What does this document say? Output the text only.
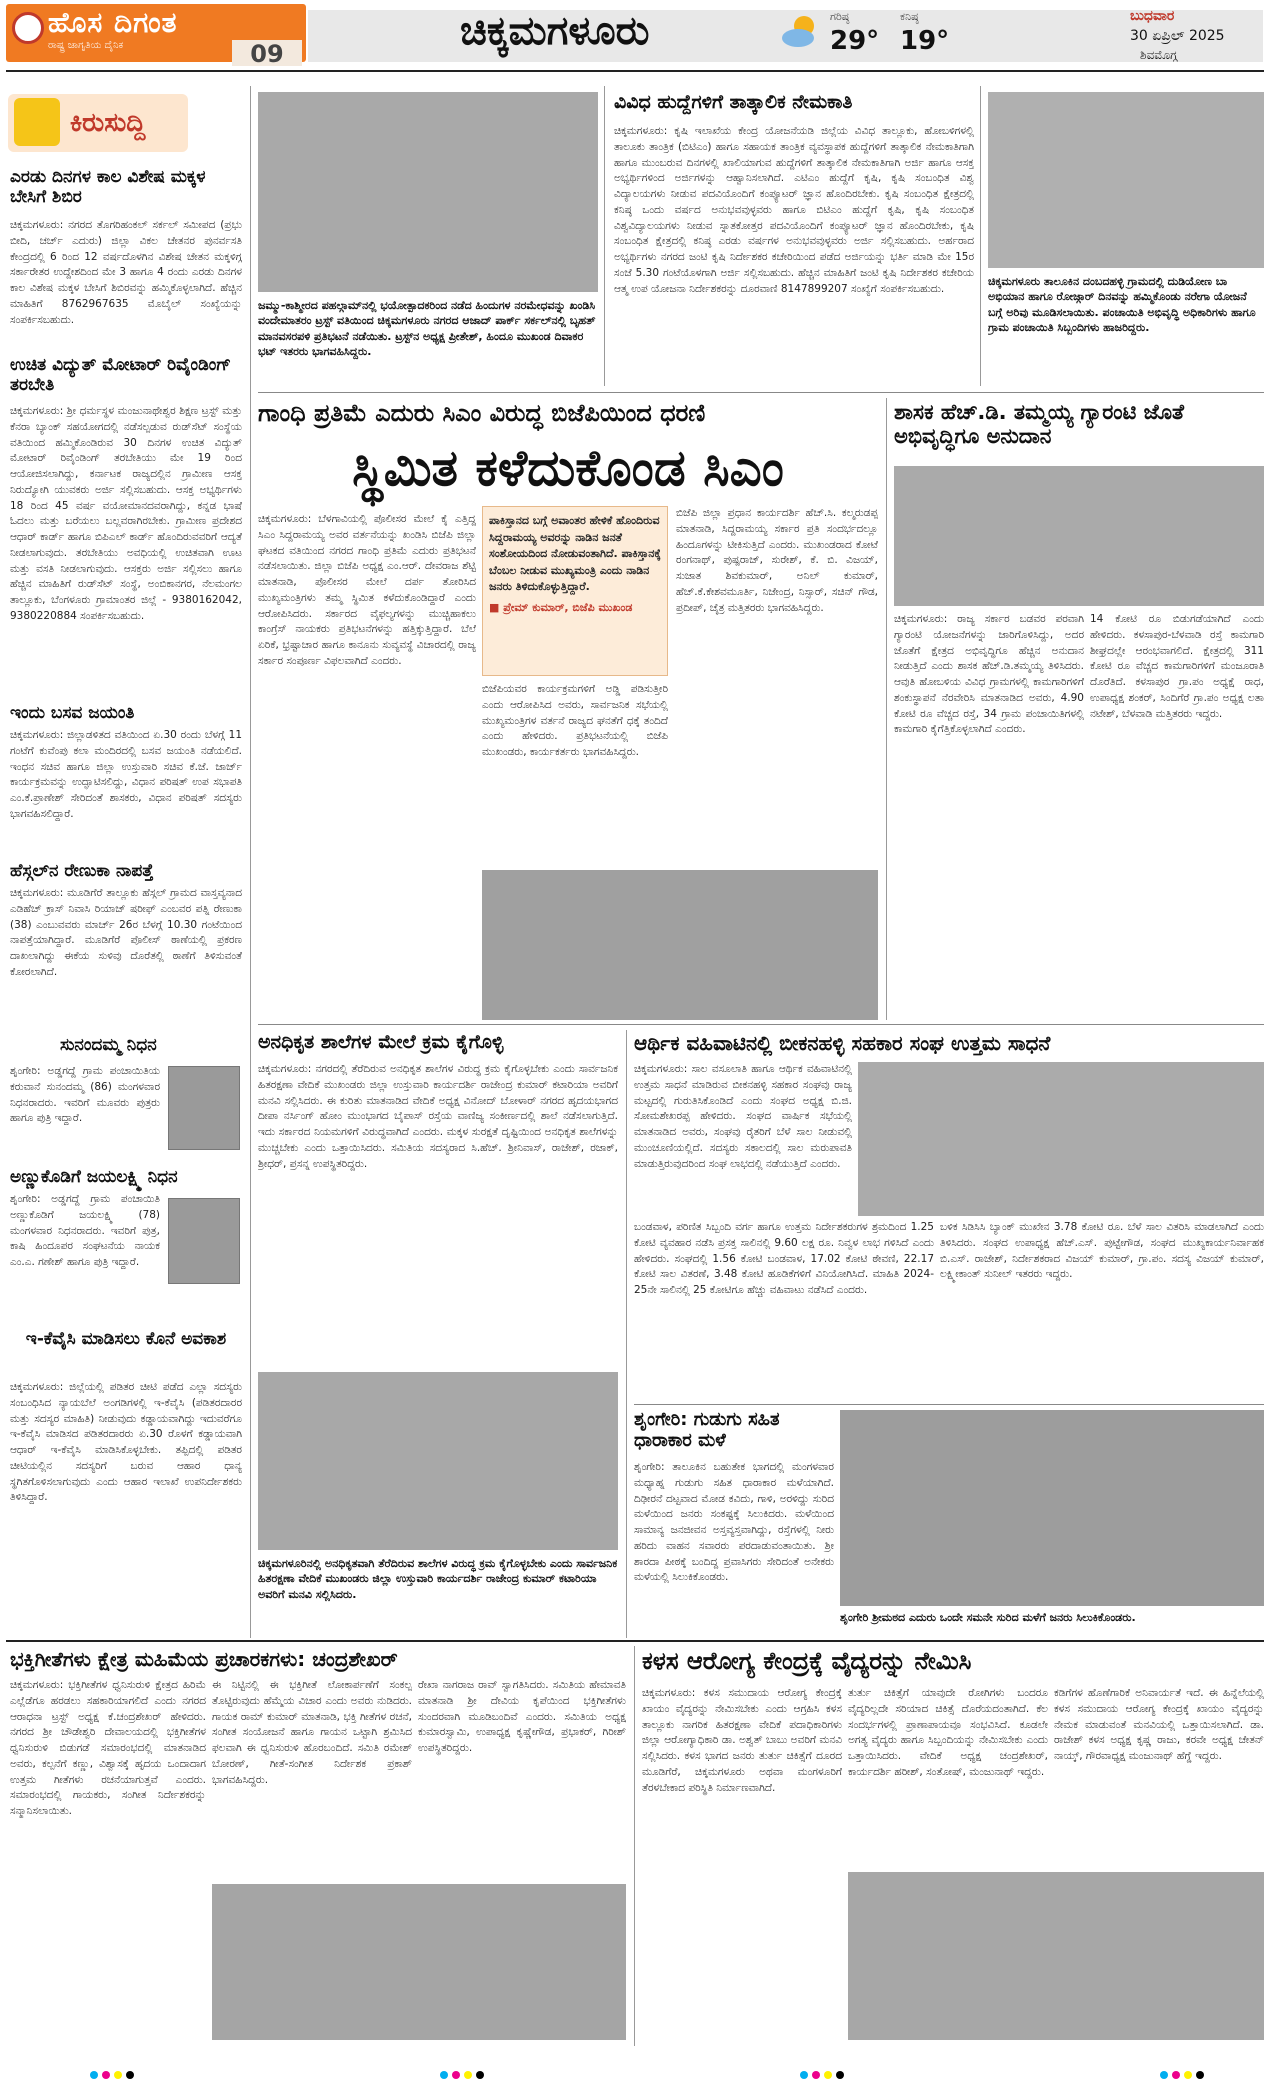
ಹೊಸ ದಿಗಂತ
ರಾಷ್ಟ್ರ ಜಾಗೃತಿಯ ದೈನಿಕ	09	ಚಿಕ್ಕಮಗಳೂರು	ಗರಿಷ್ಠ
29°
ಕನಿಷ್ಠ
19°
ಬುಧವಾರ
30 ಏಪ್ರಿಲ್ 2025
ಶಿವಮೊಗ್ಗ
ಕಿರುಸುದ್ದಿ
ಎರಡು ದಿನಗಳ ಕಾಲ ವಿಶೇಷ ಮಕ್ಕಳ ಬೇಸಿಗೆ ಶಿಬಿರ
ಚಿಕ್ಕಮಗಳೂರು: ನಗರದ ತೊಗರಿಹಂಕಲ್ ಸರ್ಕಲ್ ಸಮೀಪದ (ಪ್ರಭು ಬೀದಿ, ಚರ್ಚ್ ಎದುರು) ಜಿಲ್ಲಾ ವಿಕಲ ಚೇತನರ ಪುನರ್ವಸತಿ ಕೇಂದ್ರದಲ್ಲಿ 6 ರಿಂದ 12 ವರ್ಷದೊಳಗಿನ ವಿಶೇಷ ಚೇತನ ಮಕ್ಕಳಿಗ್ಗ ಸರ್ಕಾರೇತರ ಉದ್ದೇಶದಿಂದ ಮೇ 3 ಹಾಗೂ 4 ರಂದು ಎರಡು ದಿನಗಳ ಕಾಲ ವಿಶೇಷ ಮಕ್ಕಳ ಬೇಸಿಗೆ ಶಿಬಿರವನ್ನು ಹಮ್ಮಿಕೊಳ್ಳಲಾಗಿದೆ. ಹೆಚ್ಚಿನ ಮಾಹಿತಿಗೆ 8762967635 ಮೊಬೈಲ್ ಸಂಖ್ಯೆಯನ್ನು ಸಂಪರ್ಕಿಸಬಹುದು.
ಉಚಿತ ವಿದ್ಯುತ್ ಮೋಟಾರ್ ರಿವೈಂಡಿಂಗ್ ತರಬೇತಿ
ಚಿಕ್ಕಮಗಳೂರು: ಶ್ರೀ ಧರ್ಮಸ್ಥಳ ಮಂಜುನಾಥೇಶ್ವರ ಶಿಕ್ಷಣ ಟ್ರಸ್ಟ್ ಮತ್ತು ಕೆನರಾ ಬ್ಯಾಂಕ್ ಸಹಯೋಗದಲ್ಲಿ ನಡೆಸಲ್ಪಡುವ ರುಡ್‌ಸೆಟ್ ಸಂಸ್ಥೆಯ ವತಿಯಿಂದ ಹಮ್ಮಿಕೊಂಡಿರುವ 30 ದಿನಗಳ ಉಚಿತ ವಿದ್ಯುತ್ ಮೋಟಾರ್ ರಿವೈಂಡಿಂಗ್ ತರಬೇತಿಯು ಮೇ 19 ರಿಂದ ಆಯೋಜಿಸಲಾಗಿದ್ದು, ಕರ್ನಾಟಕ ರಾಜ್ಯದಲ್ಲಿನ ಗ್ರಾಮೀಣ ಆಸಕ್ತ ನಿರುದ್ಯೋಗಿ ಯುವಕರು ಅರ್ಜಿ ಸಲ್ಲಿಸಬಹುದು. ಆಸಕ್ತ ಅಭ್ಯರ್ಥಿಗಳು 18 ರಿಂದ 45 ವರ್ಷ ವಯೋಮಾನದವರಾಗಿದ್ದು, ಕನ್ನಡ ಭಾಷೆ ಓದಲು ಮತ್ತು ಬರೆಯಲು ಬಲ್ಲವರಾಗಿರಬೇಕು. ಗ್ರಾಮೀಣ ಪ್ರದೇಶದ ಆಧಾರ್ ಕಾರ್ಡ್ ಹಾಗೂ ಬಿಪಿಎಲ್ ಕಾರ್ಡ್ ಹೊಂದಿರುವವರಿಗೆ ಆದ್ಯತೆ ನೀಡಲಾಗುವುದು. ತರಬೇತಿಯು ಅವಧಿಯಲ್ಲಿ ಉಚಿತವಾಗಿ ಊಟ ಮತ್ತು ವಸತಿ ನೀಡಲಾಗುವುದು. ಆಸಕ್ತರು ಅರ್ಜಿ ಸಲ್ಲಿಸಲು ಹಾಗೂ ಹೆಚ್ಚಿನ ಮಾಹಿತಿಗೆ ರುಡ್‌ಸೆಟ್ ಸಂಸ್ಥೆ, ಅಂಬಿಕಾನಗರ, ನೆಲಮಂಗಲ ತಾಲ್ಲೂಕು, ಬೆಂಗಳೂರು ಗ್ರಾಮಾಂತರ ಜಿಲ್ಲೆ - 9380162042, 9380220884 ಸಂಪರ್ಕಿಸಬಹುದು.
ಇಂದು ಬಸವ ಜಯಂತಿ
ಚಿಕ್ಕಮಗಳೂರು: ಜಿಲ್ಲಾಡಳಿತದ ವತಿಯಿಂದ ಏ.30 ರಂದು ಬೆಳಗ್ಗೆ 11 ಗಂಟೆಗೆ ಕುವೆಂಪು ಕಲಾ ಮಂದಿರದಲ್ಲಿ ಬಸವ ಜಯಂತಿ ನಡೆಯಲಿದೆ. ಇಂಧನ ಸಚಿವ ಹಾಗೂ ಜಿಲ್ಲಾ ಉಸ್ತುವಾರಿ ಸಚಿವ ಕೆ.ಜೆ. ಜಾರ್ಜ್ ಕಾರ್ಯಕ್ರಮವನ್ನು ಉದ್ಘಾಟಿಸಲಿದ್ದು, ವಿಧಾನ ಪರಿಷತ್ ಉಪ ಸಭಾಪತಿ ಎಂ.ಕೆ.ಪ್ರಾಣೇಶ್ ಸೇರಿದಂತೆ ಶಾಸಕರು, ವಿಧಾನ ಪರಿಷತ್ ಸದಸ್ಯರು ಭಾಗವಹಿಸಲಿದ್ದಾರೆ.
ಹೆಸ್ಗಲ್‌ನ ರೇಣುಕಾ ನಾಪತ್ತೆ
ಚಿಕ್ಕಮಗಳೂರು: ಮೂಡಿಗೆರೆ ತಾಲ್ಲೂಕು ಹೆಸ್ಗಲ್ ಗ್ರಾಮದ ವಾಸ್ತವ್ಯನಾದ ಎಡಿಹೆಚ್ ಕ್ರಾಸ್ ನಿವಾಸಿ ರಿಯಾಜ್ ಷರೀಫ್ ಎಂಬವರ ಪತ್ನಿ ರೇಣುಕಾ (38) ಎಂಬುವವರು ಮಾರ್ಚ್ 26ರ ಬೆಳಗ್ಗೆ 10.30 ಗಂಟೆಯಿಂದ ನಾಪತ್ತೆಯಾಗಿದ್ದಾರೆ. ಮೂಡಿಗೆರೆ ಪೊಲೀಸ್ ಠಾಣೆಯಲ್ಲಿ ಪ್ರಕರಣ ದಾಖಲಾಗಿದ್ದು ಈಕೆಯ ಸುಳಿವು ದೊರೆತಲ್ಲಿ ಠಾಣೆಗೆ ತಿಳಿಸುವಂತೆ ಕೋರಲಾಗಿದೆ.
ಸುನಂದಮ್ಮ ನಿಧನ
ಶೃಂಗೇರಿ: ಅಡ್ಡಗದ್ದೆ ಗ್ರಾಮ ಪಂಚಾಯಿತಿಯ ಕರುವಾನೆ ಸುನಂದಮ್ಮ (86) ಮಂಗಳವಾರ ನಿಧನರಾದರು. ಇವರಿಗೆ ಮೂವರು ಪುತ್ರರು ಹಾಗೂ ಪುತ್ರಿ ಇದ್ದಾರೆ.
ಅಣ್ಣುಕೊಡಿಗೆ ಜಯಲಕ್ಷ್ಮಿ ನಿಧನ
ಶೃಂಗೇರಿ: ಅಡ್ಡಗದ್ದೆ ಗ್ರಾಮ ಪಂಚಾಯಿತಿ ಅಣ್ಣುಕೊಡಿಗೆ ಜಯಲಕ್ಷ್ಮಿ (78) ಮಂಗಳವಾರ ನಿಧನರಾದರು. ಇವರಿಗೆ ಪುತ್ರ, ಕಾಷಿ ಹಿಂದೂಪರ ಸಂಘಟನೆಯ ನಾಯಕ ಎಂ.ಎ. ಗಣೇಶ್ ಹಾಗೂ ಪುತ್ರಿ ಇದ್ದಾರೆ.
ಇ-ಕೆವೈಸಿ ಮಾಡಿಸಲು ಕೊನೆ ಅವಕಾಶ
ಚಿಕ್ಕಮಗಳೂರು: ಜಿಲ್ಲೆಯಲ್ಲಿ ಪಡಿತರ ಚೀಟಿ ಪಡೆದ ಎಲ್ಲಾ ಸದಸ್ಯರು ಸಂಬಂಧಿಸಿದ ನ್ಯಾಯಬೆಲೆ ಅಂಗಡಿಗಳಲ್ಲಿ ಇ-ಕೆವೈಸಿ (ಪಡಿತರದಾರರ ಮತ್ತು ಸದಸ್ಯರ ಮಾಹಿತಿ) ನೀಡುವುದು ಕಡ್ಡಾಯವಾಗಿದ್ದು ಇದುವರೆಗೂ ಇ-ಕೆವೈಸಿ ಮಾಡಿಸದ ಪಡಿತರದಾರರು ಏ.30 ರೊಳಗೆ ಕಡ್ಡಾಯವಾಗಿ ಆಧಾರ್ ಇ-ಕೆವೈಸಿ ಮಾಡಿಸಿಕೊಳ್ಳಬೇಕು. ತಪ್ಪಿದಲ್ಲಿ ಪಡಿತರ ಚೀಟಿಯಲ್ಲಿನ ಸದಸ್ಯರಿಗೆ ಬರುವ ಆಹಾರ ಧಾನ್ಯ ಸ್ಥಗಿತಗೊಳಿಸಲಾಗುವುದು ಎಂದು ಆಹಾರ ಇಲಾಖೆ ಉಪನಿರ್ದೇಶಕರು ತಿಳಿಸಿದ್ದಾರೆ.
ಜಮ್ಮು-ಕಾಶ್ಮೀರದ ಪಹಲ್ಗಾಮ್‌ನಲ್ಲಿ ಭಯೋತ್ಪಾದಕರಿಂದ ನಡೆದ ಹಿಂದುಗಳ ನರಮೇಧವನ್ನು ಖಂಡಿಸಿ ವಂದೇಮಾತರಂ ಟ್ರಸ್ಟ್ ವತಿಯಿಂದ ಚಿಕ್ಕಮಗಳೂರು ನಗರದ ಆಜಾದ್ ಪಾರ್ಕ್ ಸರ್ಕಲ್‌ನಲ್ಲಿ ಬೃಹತ್ ಮಾನವಸರಪಳಿ ಪ್ರತಿಭಟನೆ ನಡೆಯಿತು. ಟ್ರಸ್ಟ್‌ನ ಅಧ್ಯಕ್ಷ ಪ್ರೀತೇಶ್, ಹಿಂದೂ ಮುಖಂಡ ದಿವಾಕರ ಭಟ್ ಇತರರು ಭಾಗವಹಿಸಿದ್ದರು.
ವಿವಿಧ ಹುದ್ದೆಗಳಿಗೆ ತಾತ್ಕಾಲಿಕ ನೇಮಕಾತಿ
ಚಿಕ್ಕಮಗಳೂರು: ಕೃಷಿ ಇಲಾಖೆಯ ಕೇಂದ್ರ ಯೋಜನೆಯಡಿ ಜಿಲ್ಲೆಯ ವಿವಿಧ ತಾಲ್ಲೂಕು, ಹೋಬಳಿಗಳಲ್ಲಿ ತಾಲೂಕು ತಾಂತ್ರಿಕ (ಬಿಟಿಎಂ) ಹಾಗೂ ಸಹಾಯಕ ತಾಂತ್ರಿಕ ವ್ಯವಸ್ಥಾಪಕ ಹುದ್ದೆಗಳಿಗೆ ತಾತ್ಕಾಲಿಕ ನೇಮಕಾತಿಗಾಗಿ ಹಾಗೂ ಮುಂಬರುವ ದಿನಗಳಲ್ಲಿ ಖಾಲಿಯಾಗುವ ಹುದ್ದೆಗಳಿಗೆ ತಾತ್ಕಾಲಿಕ ನೇಮಕಾತಿಗಾಗಿ ಅರ್ಜಿ ಹಾಗೂ ಆಸಕ್ತ ಅಭ್ಯರ್ಥಿಗಳಿಂದ ಅರ್ಜಿಗಳನ್ನು ಆಹ್ವಾನಿಸಲಾಗಿದೆ. ಎಟಿಎಂ ಹುದ್ದೆಗೆ ಕೃಷಿ, ಕೃಷಿ ಸಂಬಂಧಿತ ವಿಶ್ವ ವಿದ್ಯಾಲಯಗಳು ನೀಡುವ ಪದವಿಯೊಂದಿಗೆ ಕಂಪ್ಯೂಟರ್ ಜ್ಞಾನ ಹೊಂದಿರಬೇಕು. ಕೃಷಿ ಸಂಬಂಧಿತ ಕ್ಷೇತ್ರದಲ್ಲಿ ಕನಿಷ್ಠ ಒಂದು ವರ್ಷದ ಅನುಭವವುಳ್ಳವರು ಹಾಗೂ ಬಿಟಿಎಂ ಹುದ್ದೆಗೆ ಕೃಷಿ, ಕೃಷಿ ಸಂಬಂಧಿತ ವಿಶ್ವವಿದ್ಯಾಲಯಗಳು ನೀಡುವ ಸ್ನಾತಕೋತ್ತರ ಪದವಿಯೊಂದಿಗೆ ಕಂಪ್ಯೂಟರ್ ಜ್ಞಾನ ಹೊಂದಿರಬೇಕು, ಕೃಷಿ ಸಂಬಂಧಿತ ಕ್ಷೇತ್ರದಲ್ಲಿ ಕನಿಷ್ಠ ಎರಡು ವರ್ಷಗಳ ಅನುಭವವುಳ್ಳವರು ಅರ್ಜಿ ಸಲ್ಲಿಸಬಹುದು. ಅರ್ಹರಾದ ಅಭ್ಯರ್ಥಿಗಳು ನಗರದ ಜಂಟಿ ಕೃಷಿ ನಿರ್ದೇಶಕರ ಕಚೇರಿಯಿಂದ ಪಡೆದ ಅರ್ಜಿಯನ್ನು ಭರ್ತಿ ಮಾಡಿ ಮೇ 15ರ ಸಂಜೆ 5.30 ಗಂಟೆಯೊಳಗಾಗಿ ಅರ್ಜಿ ಸಲ್ಲಿಸಬಹುದು. ಹೆಚ್ಚಿನ ಮಾಹಿತಿಗೆ ಜಂಟಿ ಕೃಷಿ ನಿರ್ದೇಶಕರ ಕಚೇರಿಯ ಆತ್ಮ ಉಪ ಯೋಜನಾ ನಿರ್ದೇಶಕರನ್ನು ದೂರವಾಣಿ 8147899207 ಸಂಖ್ಯೆಗೆ ಸಂಪರ್ಕಿಸಬಹುದು.
ಚಿಕ್ಕಮಗಳೂರು ತಾಲೂಕಿನ ದಂಬದಹಳ್ಳಿ ಗ್ರಾಮದಲ್ಲಿ ದುಡಿಯೋಣ ಬಾ ಅಭಿಯಾನ ಹಾಗೂ ರೋಜ್ಗಾರ್ ದಿನವನ್ನು ಹಮ್ಮಿಕೊಂಡು ನರೇಗಾ ಯೋಜನೆ ಬಗ್ಗೆ ಅರಿವು ಮೂಡಿಸಲಾಯಿತು. ಪಂಚಾಯಿತಿ ಅಭಿವೃದ್ಧಿ ಅಧಿಕಾರಿಗಳು ಹಾಗೂ ಗ್ರಾಮ ಪಂಚಾಯಿತಿ ಸಿಬ್ಬಂದಿಗಳು ಹಾಜರಿದ್ದರು.
ಗಾಂಧಿ ಪ್ರತಿಮೆ ಎದುರು ಸಿಎಂ ವಿರುದ್ಧ ಬಿಜೆಪಿಯಿಂದ ಧರಣಿ
ಸ್ಥಿಮಿತ ಕಳೆದುಕೊಂಡ ಸಿಎಂ
ಚಿಕ್ಕಮಗಳೂರು: ಬೆಳಗಾವಿಯಲ್ಲಿ ಪೊಲೀಸರ ಮೇಲೆ ಕೈ ಎತ್ತಿದ್ದ ಸಿಎಂ ಸಿದ್ದರಾಮಯ್ಯ ಅವರ ವರ್ತನೆಯನ್ನು ಖಂಡಿಸಿ ಬಿಜೆಪಿ ಜಿಲ್ಲಾ ಘಟಕದ ವತಿಯಿಂದ ನಗರದ ಗಾಂಧಿ ಪ್ರತಿಮೆ ಎದುರು ಪ್ರತಿಭಟನೆ ನಡೆಸಲಾಯಿತು. ಜಿಲ್ಲಾ ಬಿಜೆಪಿ ಅಧ್ಯಕ್ಷ ಎಂ.ಆರ್. ದೇವರಾಜ ಶೆಟ್ಟಿ ಮಾತನಾಡಿ, ಪೊಲೀಸರ ಮೇಲೆ ದರ್ಪ ತೋರಿಸಿದ ಮುಖ್ಯಮಂತ್ರಿಗಳು ತಮ್ಮ ಸ್ಥಿಮಿತ ಕಳೆದುಕೊಂಡಿದ್ದಾರೆ ಎಂದು ಆರೋಪಿಸಿದರು. ಸರ್ಕಾರದ ವೈಫಲ್ಯಗಳನ್ನು ಮುಚ್ಚಿಹಾಕಲು ಕಾಂಗ್ರೆಸ್ ನಾಯಕರು ಪ್ರತಿಭಟನೆಗಳನ್ನು ಹತ್ತಿಕ್ಕುತ್ತಿದ್ದಾರೆ. ಬೆಲೆ ಏರಿಕೆ, ಭ್ರಷ್ಟಾಚಾರ ಹಾಗೂ ಕಾನೂನು ಸುವ್ಯವಸ್ಥೆ ವಿಚಾರದಲ್ಲಿ ರಾಜ್ಯ ಸರ್ಕಾರ ಸಂಪೂರ್ಣ ವಿಫಲವಾಗಿದೆ ಎಂದರು.
ಪಾಕಿಸ್ತಾನದ ಬಗ್ಗೆ ಅವಾಂತರ ಹೇಳಿಕೆ ಹೊಂದಿರುವ ಸಿದ್ದರಾಮಯ್ಯ ಅವರನ್ನು ನಾಡಿನ ಜನತೆ ಸಂಶೋಯದಿಂದ ನೋಡುವಂತಾಗಿದೆ. ಪಾಕಿಸ್ತಾನಕ್ಕೆ ಬೆಂಬಲ ನೀಡುವ ಮುಖ್ಯಮಂತ್ರಿ ಎಂದು ನಾಡಿನ ಜನರು ತಿಳಿದುಕೊಳ್ಳುತ್ತಿದ್ದಾರೆ.
■ ಪ್ರೇಮ್ ಕುಮಾರ್, ಬಿಜೆಪಿ ಮುಖಂಡ
ಬಿಜೆಪಿಯವರ ಕಾರ್ಯಕ್ರಮಗಳಿಗೆ ಅಡ್ಡಿ ಪಡಿಸುತ್ತೀರಿ ಎಂದು ಆರೋಪಿಸಿದ ಅವರು, ಸಾರ್ವಜನಿಕ ಸಭೆಯಲ್ಲಿ ಮುಖ್ಯಮಂತ್ರಿಗಳ ವರ್ತನೆ ರಾಜ್ಯದ ಘನತೆಗೆ ಧಕ್ಕೆ ತಂದಿದೆ ಎಂದು ಹೇಳಿದರು. ಪ್ರತಿಭಟನೆಯಲ್ಲಿ ಬಿಜೆಪಿ ಮುಖಂಡರು, ಕಾರ್ಯಕರ್ತರು ಭಾಗವಹಿಸಿದ್ದರು.
ಬಿಜೆಪಿ ಜಿಲ್ಲಾ ಪ್ರಧಾನ ಕಾರ್ಯದರ್ಶಿ ಹೆಚ್.ಸಿ. ಕಲ್ಮರುಡಪ್ಪ ಮಾತನಾಡಿ, ಸಿದ್ದರಾಮಯ್ಯ ಸರ್ಕಾರ ಪ್ರತಿ ಸಂದರ್ಭದಲ್ಲೂ ಹಿಂದೂಗಳನ್ನು ಟೀಕಿಸುತ್ತಿದೆ ಎಂದರು. ಮುಖಂಡರಾದ ಕೋಟೆ ರಂಗನಾಥ್, ಪುಷ್ಪರಾಜ್, ಸುರೇಶ್, ಕೆ. ಬಿ. ವಿಜಯ್, ಸುಜಾತ ಶಿವಕುಮಾರ್, ಅನಿಲ್ ಕುಮಾರ್, ಹೆಚ್.ಕೆ.ಕೇಶವಮೂರ್ತಿ, ನಿಜೇಂದ್ರ, ನಿಸ್ಸಾರ್, ಸಚಿನ್ ಗೌಡ, ಪ್ರದೀಪ್, ಚೈತ್ರ ಮತ್ತಿತರರು ಭಾಗವಹಿಸಿದ್ದರು.
ಶಾಸಕ ಹೆಚ್.ಡಿ. ತಮ್ಮಯ್ಯ ಗ್ಯಾರಂಟಿ ಜೊತೆ ಅಭಿವೃದ್ಧಿಗೂ ಅನುದಾನ
ಚಿಕ್ಕಮಗಳೂರು: ರಾಜ್ಯ ಸರ್ಕಾರ ಬಡವರ ಪರವಾಗಿ ಗ್ಯಾರಂಟಿ ಯೋಜನೆಗಳನ್ನು ಜಾರಿಗೊಳಿಸಿದ್ದು, ಅದರ ಜೊತೆಗೆ ಕ್ಷೇತ್ರದ ಅಭಿವೃದ್ಧಿಗೂ ಹೆಚ್ಚಿನ ಅನುದಾನ ನೀಡುತ್ತಿದೆ ಎಂದು ಶಾಸಕ ಹೆಚ್.ಡಿ.ತಮ್ಮಯ್ಯ ತಿಳಿಸಿದರು. ಆವುತಿ ಹೋಬಳಿಯ ವಿವಿಧ ಗ್ರಾಮಗಳಲ್ಲಿ ಕಾಮಗಾರಿಗಳಿಗೆ ಶಂಕುಸ್ಥಾಪನೆ ನೆರವೇರಿಸಿ ಮಾತನಾಡಿದ ಅವರು, 4.90 ಕೋಟಿ ರೂ ವೆಚ್ಚದ ರಸ್ತೆ, 34 ಗ್ರಾಮ ಪಂಚಾಯಿತಿಗಳಲ್ಲಿ ಕಾಮಗಾರಿ ಕೈಗೆತ್ತಿಕೊಳ್ಳಲಾಗಿದೆ ಎಂದರು.
14 ಕೋಟಿ ರೂ ಬಿಡುಗಡೆಯಾಗಿದೆ ಎಂದು ಹೇಳಿದರು. ಕಳಸಾಪುರ-ಬೆಳವಾಡಿ ರಸ್ತೆ ಕಾಮಗಾರಿ ಶೀಘ್ರದಲ್ಲೇ ಆರಂಭವಾಗಲಿದೆ. ಕ್ಷೇತ್ರದಲ್ಲಿ 311 ಕೋಟಿ ರೂ ವೆಚ್ಚದ ಕಾಮಗಾರಿಗಳಿಗೆ ಮಂಜೂರಾತಿ ದೊರೆತಿದೆ. ಕಳಸಾಪುರ ಗ್ರಾ.ಪಂ ಅಧ್ಯಕ್ಷೆ ರಾಧ, ಉಪಾಧ್ಯಕ್ಷ ಶಂಕರ್, ಸಿಂದಿಗೆರೆ ಗ್ರಾ.ಪಂ ಅಧ್ಯಕ್ಷ ಲತಾ ನಟೇಶ್, ಬೆಳವಾಡಿ ಮತ್ತಿತರರು ಇದ್ದರು.
ಅನಧಿಕೃತ ಶಾಲೆಗಳ ಮೇಲೆ ಕ್ರಮ ಕೈಗೊಳ್ಳಿ
ಚಿಕ್ಕಮಗಳೂರು: ನಗರದಲ್ಲಿ ತೆರೆದಿರುವ ಅನಧಿಕೃತ ಶಾಲೆಗಳ ವಿರುದ್ಧ ಕ್ರಮ ಕೈಗೊಳ್ಳಬೇಕು ಎಂದು ಸಾರ್ವಜನಿಕ ಹಿತರಕ್ಷಣಾ ವೇದಿಕೆ ಮುಖಂಡರು ಜಿಲ್ಲಾ ಉಸ್ತುವಾರಿ ಕಾರ್ಯದರ್ಶಿ ರಾಜೇಂದ್ರ ಕುಮಾರ್ ಕಟಾರಿಯಾ ಅವರಿಗೆ ಮನವಿ ಸಲ್ಲಿಸಿದರು. ಈ ಕುರಿತು ಮಾತನಾಡಿದ ವೇದಿಕೆ ಅಧ್ಯಕ್ಷ ವಿನೋದ್ ಬೋಳಾರ್ ನಗರದ ಹೃದಯಭಾಗದ ದೀಪಾ ನರ್ಸಿಂಗ್ ಹೋಂ ಮುಂಭಾಗದ ಬೈಪಾಸ್ ರಸ್ತೆಯ ವಾಣಿಜ್ಯ ಸಂಕೀರ್ಣದಲ್ಲಿ ಶಾಲೆ ನಡೆಸಲಾಗುತ್ತಿದೆ. ಇದು ಸರ್ಕಾರದ ನಿಯಮಗಳಿಗೆ ವಿರುದ್ಧವಾಗಿದೆ ಎಂದರು. ಮಕ್ಕಳ ಸುರಕ್ಷತೆ ದೃಷ್ಟಿಯಿಂದ ಅನಧಿಕೃತ ಶಾಲೆಗಳನ್ನು ಮುಚ್ಚಬೇಕು ಎಂದು ಒತ್ತಾಯಿಸಿದರು. ಸಮಿತಿಯ ಸದಸ್ಯರಾದ ಸಿ.ಹೆಚ್. ಶ್ರೀನಿವಾಸ್, ರಾಜೇಶ್, ರಜಾಕ್, ಶ್ರೀಧರ್, ಪ್ರಸನ್ನ ಉಪಸ್ಥಿತರಿದ್ದರು.
ಚಿಕ್ಕಮಗಳೂರಿನಲ್ಲಿ ಅನಧಿಕೃತವಾಗಿ ತೆರೆದಿರುವ ಶಾಲೆಗಳ ವಿರುದ್ಧ ಕ್ರಮ ಕೈಗೊಳ್ಳಬೇಕು ಎಂದು ಸಾರ್ವಜನಿಕ ಹಿತರಕ್ಷಣಾ ವೇದಿಕೆ ಮುಖಂಡರು ಜಿಲ್ಲಾ ಉಸ್ತುವಾರಿ ಕಾರ್ಯದರ್ಶಿ ರಾಜೇಂದ್ರ ಕುಮಾರ್ ಕಟಾರಿಯಾ ಅವರಿಗೆ ಮನವಿ ಸಲ್ಲಿಸಿದರು.
ಆರ್ಥಿಕ ವಹಿವಾಟಿನಲ್ಲಿ ಬೀಕನಹಳ್ಳಿ ಸಹಕಾರ ಸಂಘ ಉತ್ತಮ ಸಾಧನೆ
ಚಿಕ್ಕಮಗಳೂರು: ಸಾಲ ವಸೂಲಾತಿ ಹಾಗೂ ಆರ್ಥಿಕ ವಹಿವಾಟಿನಲ್ಲಿ ಉತ್ತಮ ಸಾಧನೆ ಮಾಡಿರುವ ಬೀಕನಹಳ್ಳಿ ಸಹಕಾರ ಸಂಘವು ರಾಜ್ಯ ಮಟ್ಟದಲ್ಲಿ ಗುರುತಿಸಿಕೊಂಡಿದೆ ಎಂದು ಸಂಘದ ಅಧ್ಯಕ್ಷ ಬಿ.ಜಿ. ಸೋಮಶೇಖರಪ್ಪ ಹೇಳಿದರು. ಸಂಘದ ವಾರ್ಷಿಕ ಸಭೆಯಲ್ಲಿ ಮಾತನಾಡಿದ ಅವರು, ಸಂಘವು ರೈತರಿಗೆ ಬೆಳೆ ಸಾಲ ನೀಡುವಲ್ಲಿ ಮುಂಚೂಣಿಯಲ್ಲಿದೆ. ಸದಸ್ಯರು ಸಕಾಲದಲ್ಲಿ ಸಾಲ ಮರುಪಾವತಿ ಮಾಡುತ್ತಿರುವುದರಿಂದ ಸಂಘ ಲಾಭದಲ್ಲಿ ನಡೆಯುತ್ತಿದೆ ಎಂದರು.
ಬಂಡವಾಳ, ಪರಿಣಿತ ಸಿಬ್ಬಂದಿ ವರ್ಗ ಹಾಗೂ ಉತ್ತಮ ನಿರ್ದೇಶಕರುಗಳ ಶ್ರಮದಿಂದ 1.25 ಕೋಟಿ ವ್ಯವಹಾರ ನಡೆಸಿ ಪ್ರಸಕ್ತ ಸಾಲಿನಲ್ಲಿ 9.60 ಲಕ್ಷ ರೂ. ನಿವ್ವಳ ಲಾಭ ಗಳಿಸಿದೆ ಎಂದು ಹೇಳಿದರು. ಸಂಘದಲ್ಲಿ 1.56 ಕೋಟಿ ಬಂಡವಾಳ, 17.02 ಕೋಟಿ ಠೇವಣಿ, 22.17 ಕೋಟಿ ಸಾಲ ವಿತರಣೆ, 3.48 ಕೋಟಿ ಹೂಡಿಕೆಗಳಿಗೆ ವಿನಿಯೋಗಿಸಿದೆ. ಮಾಹಿತಿ 2024-25ನೇ ಸಾಲಿನಲ್ಲಿ 25 ಕೋಟಿಗೂ ಹೆಚ್ಚು ವಹಿವಾಟು ನಡೆಸಿದೆ ಎಂದರು.
ಬಳಿಕ ಸಿಡಿಸಿಸಿ ಬ್ಯಾಂಕ್ ಮುಖೇನ 3.78 ಕೋಟಿ ರೂ. ಬೆಳೆ ಸಾಲ ವಿತರಿಸಿ ಮಾಡಲಾಗಿದೆ ಎಂದು ತಿಳಿಸಿದರು. ಸಂಘದ ಉಪಾಧ್ಯಕ್ಷ ಹೆಚ್.ಎಸ್. ಪುಟ್ಟೇಗೌಡ, ಸಂಘದ ಮುಖ್ಯಕಾರ್ಯನಿರ್ವಾಹಕ ಬಿ.ಎಸ್. ರಾಜೇಶ್, ನಿರ್ದೇಶಕರಾದ ವಿಜಯ್ ಕುಮಾರ್, ಗ್ರಾ.ಪಂ. ಸದಸ್ಯ ವಿಜಯ್ ಕುಮಾರ್, ಲಕ್ಷ್ಮೀಕಾಂತ್ ಸುನೀಲ್ ಇತರರು ಇದ್ದರು.
ಶೃಂಗೇರಿ: ಗುಡುಗು ಸಹಿತ ಧಾರಾಕಾರ ಮಳೆ
ಶೃಂಗೇರಿ: ತಾಲೂಕಿನ ಬಹುತೇಕ ಭಾಗದಲ್ಲಿ ಮಂಗಳವಾರ ಮಧ್ಯಾಹ್ನ ಗುಡುಗು ಸಹಿತ ಧಾರಾಕಾರ ಮಳೆಯಾಗಿದೆ. ದಿಢೀರನೆ ದಟ್ಟವಾದ ಮೋಡ ಕವಿದು, ಗಾಳಿ, ಅರಳಿದ್ದು ಸುರಿದ ಮಳೆಯಿಂದ ಜನರು ಸಂಕಷ್ಟಕ್ಕೆ ಸಿಲುಕಿದರು. ಮಳೆಯಿಂದ ಸಾಮಾನ್ಯ ಜನಜೀವನ ಅಸ್ತವ್ಯಸ್ತವಾಗಿದ್ದು, ರಸ್ತೆಗಳಲ್ಲಿ ನೀರು ಹರಿದು ವಾಹನ ಸವಾರರು ಪರದಾಡುವಂತಾಯಿತು. ಶ್ರೀ ಶಾರದಾ ಪೀಠಕ್ಕೆ ಬಂದಿದ್ದ ಪ್ರವಾಸಿಗರು ಸೇರಿದಂತೆ ಅನೇಕರು ಮಳೆಯಲ್ಲಿ ಸಿಲುಕಿಕೊಂಡರು.
ಶೃಂಗೇರಿ ಶ್ರೀಮಠದ ಎದುರು ಒಂದೇ ಸಮನೇ ಸುರಿದ ಮಳೆಗೆ ಜನರು ಸಿಲುಕಿಕೊಂಡರು.
ಭಕ್ತಿಗೀತೆಗಳು ಕ್ಷೇತ್ರ ಮಹಿಮೆಯ ಪ್ರಚಾರಕಗಳು: ಚಂದ್ರಶೇಖರ್
ಚಿಕ್ಕಮಗಳೂರು: ಭಕ್ತಿಗೀತೆಗಳ ಧ್ವನಿಸುರುಳಿ ಕ್ಷೇತ್ರದ ಹಿರಿಮೆ ಎಲ್ಲೆಡೆಗೂ ಹರಡಲು ಸಹಕಾರಿಯಾಗಲಿದೆ ಎಂದು ನಗರದ ಆರಾಧನಾ ಟ್ರಸ್ಟ್ ಅಧ್ಯಕ್ಷ ಕೆ.ಚಂದ್ರಶೇಖರ್ ಹೇಳಿದರು. ನಗರದ ಶ್ರೀ ಚೌಡೇಶ್ವರಿ ದೇವಾಲಯದಲ್ಲಿ ಭಕ್ತಿಗೀತೆಗಳ ಧ್ವನಿಸುರುಳಿ ಬಿಡುಗಡೆ ಸಮಾರಂಭದಲ್ಲಿ ಮಾತನಾಡಿದ ಅವರು, ಕಲ್ಪನೆಗೆ ಕಣ್ಣು, ವಿಶ್ವಾಸಕ್ಕೆ ಹೃದಯ ಒಂದಾದಾಗ ಉತ್ತಮ ಗೀತೆಗಳು ರಚನೆಯಾಗುತ್ತವೆ ಎಂದರು. ಸಮಾರಂಭದಲ್ಲಿ ಗಾಯಕರು, ಸಂಗೀತ ನಿರ್ದೇಶಕರನ್ನು ಸನ್ಮಾನಿಸಲಾಯಿತು.
ಈ ನಿಟ್ಟಿನಲ್ಲಿ ಈ ಭಕ್ತಿಗೀತೆ ಲೋಕಾರ್ಪಣೆಗೆ ಸಂಕಲ್ಪ ತೊಟ್ಟಿರುವುದು ಹೆಮ್ಮೆಯ ವಿಚಾರ ಎಂದು ಅವರು ನುಡಿದರು. ಗಾಯಕ ರಾಮ್ ಕುಮಾರ್ ಮಾತನಾಡಿ, ಭಕ್ತಿ ಗೀತೆಗಳ ರಚನೆ, ಸಂಗೀತ ಸಂಯೋಜನೆ ಹಾಗೂ ಗಾಯನ ಒಟ್ಟಾಗಿ ಶ್ರಮಿಸಿದ ಫಲವಾಗಿ ಈ ಧ್ವನಿಸುರುಳಿ ಹೊರಬಂದಿದೆ. ಸಮಿತಿ ರಮೇಶ್ ಬೋರಣ್, ಗೀತೆ-ಸಂಗೀತ ನಿರ್ದೇಶಕ ಪ್ರಕಾಶ್ ಭಾಗವಹಿಸಿದ್ದರು.
ರೇಖಾ ನಾಗರಾಜ ರಾವ್ ಸ್ವಾಗತಿಸಿದರು. ಸಮಿತಿಯ ಹೇಮಾವತಿ ಮಾತನಾಡಿ ಶ್ರೀ ದೇವಿಯ ಕೃಪೆಯಿಂದ ಭಕ್ತಿಗೀತೆಗಳು ಸುಂದರವಾಗಿ ಮೂಡಿಬಂದಿವೆ ಎಂದರು. ಸಮಿತಿಯ ಅಧ್ಯಕ್ಷ ಕುಮಾರಸ್ವಾಮಿ, ಉಪಾಧ್ಯಕ್ಷ ಕೃಷ್ಣೇಗೌಡ, ಪ್ರಭಾಕರ್, ಗಿರೀಶ್ ಉಪಸ್ಥಿತರಿದ್ದರು.
ಕಳಸ ಆರೋಗ್ಯ ಕೇಂದ್ರಕ್ಕೆ ವೈದ್ಯರನ್ನು ನೇಮಿಸಿ
ಚಿಕ್ಕಮಗಳೂರು: ಕಳಸ ಸಮುದಾಯ ಆರೋಗ್ಯ ಕೇಂದ್ರಕ್ಕೆ ಖಾಯಂ ವೈದ್ಯರನ್ನು ನೇಮಿಸಬೇಕು ಎಂದು ಆಗ್ರಹಿಸಿ ಕಳಸ ತಾಲ್ಲೂಕು ನಾಗರಿಕ ಹಿತರಕ್ಷಣಾ ವೇದಿಕೆ ಪದಾಧಿಕಾರಿಗಳು ಜಿಲ್ಲಾ ಆರೋಗ್ಯಾಧಿಕಾರಿ ಡಾ. ಅಶ್ವತ್ ಬಾಬು ಅವರಿಗೆ ಮನವಿ ಸಲ್ಲಿಸಿದರು. ಕಳಸ ಭಾಗದ ಜನರು ತುರ್ತು ಚಿಕಿತ್ಸೆಗೆ ದೂರದ ಮೂಡಿಗೆರೆ, ಚಿಕ್ಕಮಗಳೂರು ಅಥವಾ ಮಂಗಳೂರಿಗೆ ತೆರಳಬೇಕಾದ ಪರಿಸ್ಥಿತಿ ನಿರ್ಮಾಣವಾಗಿದೆ.
ತುರ್ತು ಚಿಕಿತ್ಸೆಗೆ ಯಾವುದೇ ರೋಗಿಗಳು ಬಂದರೂ ವೈದ್ಯರಿಲ್ಲದೇ ಸರಿಯಾದ ಚಿಕಿತ್ಸೆ ದೊರೆಯದಂತಾಗಿದೆ. ಕೆಲ ಸಂದರ್ಭಗಳಲ್ಲಿ ಪ್ರಾಣಾಪಾಯವೂ ಸಂಭವಿಸಿದೆ. ಕೂಡಲೇ ಅಗತ್ಯ ವೈದ್ಯರು ಹಾಗೂ ಸಿಬ್ಬಂದಿಯನ್ನು ನೇಮಿಸಬೇಕು ಎಂದು ಒತ್ತಾಯಿಸಿದರು. ವೇದಿಕೆ ಅಧ್ಯಕ್ಷ ಚಂದ್ರಶೇಖರ್, ಕಾರ್ಯದರ್ಶಿ ಹರೀಶ್, ಸಂತೋಷ್, ಮಂಜುನಾಥ್ ಇದ್ದರು.
ಕಡಿಗೆಗಳ ಹೊಣೆಗಾರಿಕೆ ಅನಿವಾರ್ಯತೆ ಇದೆ. ಈ ಹಿನ್ನೆಲೆಯಲ್ಲಿ ಕಳಸ ಸಮುದಾಯ ಆರೋಗ್ಯ ಕೇಂದ್ರಕ್ಕೆ ಖಾಯಂ ವೈದ್ಯರನ್ನು ನೇಮಕ ಮಾಡುವಂತೆ ಮನವಿಯಲ್ಲಿ ಒತ್ತಾಯಿಸಲಾಗಿದೆ. ಡಾ. ರಾಜೇಶ್ ಕಳಸ ಅಧ್ಯಕ್ಷ ಕೃಷ್ಣ ರಾಜು, ಕರವೇ ಅಧ್ಯಕ್ಷ ಚೇತನ್ ನಾಯ್ಕ್, ಗೌರವಾಧ್ಯಕ್ಷ ಮಂಜುನಾಥ್ ಹೆಗ್ಡೆ ಇದ್ದರು.
